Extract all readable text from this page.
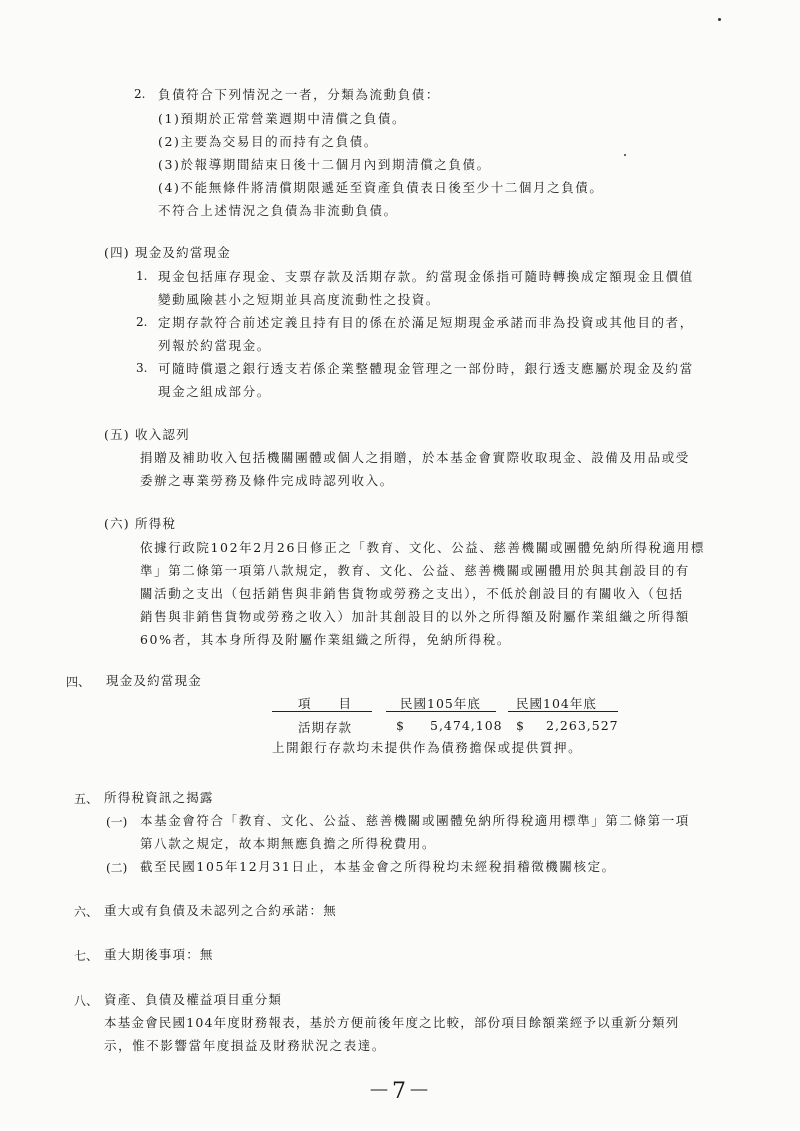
2. 負債符合下列情況之一者，分類為流動負債：
(1)預期於正常營業週期中清償之負債。
(2)主要為交易目的而持有之負債。
(3)於報導期間結束日後十二個月內到期清償之負債。
(4)不能無條件將清償期限遞延至資產負債表日後至少十二個月之負債。
不符合上述情況之負債為非流動負債。
(四) 現金及約當現金
1. 現金包括庫存現金、支票存款及活期存款。約當現金係指可隨時轉換成定額現金且價值
變動風險甚小之短期並具高度流動性之投資。
2. 定期存款符合前述定義且持有目的係在於滿足短期現金承諾而非為投資或其他目的者，
列報於約當現金。
3. 可隨時償還之銀行透支若係企業整體現金管理之一部份時，銀行透支應屬於現金及約當
現金之組成部分。
(五) 收入認列
捐贈及補助收入包括機關團體或個人之捐贈，於本基金會實際收取現金、設備及用品或受
委辦之專業勞務及條件完成時認列收入。
(六) 所得稅
依據行政院102年2月26日修正之「教育、文化、公益、慈善機關或團體免納所得稅適用標
準」第二條第一項第八款規定，教育、文化、公益、慈善機關或團體用於與其創設目的有
關活動之支出（包括銷售與非銷售貨物或勞務之支出），不低於創設目的有關收入（包括
銷售與非銷售貨物或勞務之收入）加計其創設目的以外之所得額及附屬作業組織之所得額
60%者，其本身所得及附屬作業組織之所得，免納所得稅。
四、 現金及約當現金
項　　目	民國105年底	民國104年底
活期存款	$ 5,474,108 $ 2,263,527
上開銀行存款均未提供作為債務擔保或提供質押。
五、 所得稅資訊之揭露
(一) 本基金會符合「教育、文化、公益、慈善機關或團體免納所得稅適用標準」第二條第一項
第八款之規定，故本期無應負擔之所得稅費用。
(二) 截至民國105年12月31日止，本基金會之所得稅均未經稅捐稽徵機關核定。
六、 重大或有負債及未認列之合約承諾：無
七、 重大期後事項：無
八、 資產、負債及權益項目重分類
本基金會民國104年度財務報表，基於方便前後年度之比較，部份項目餘額業經予以重新分類列
示，惟不影響當年度損益及財務狀況之表達。
－7－
